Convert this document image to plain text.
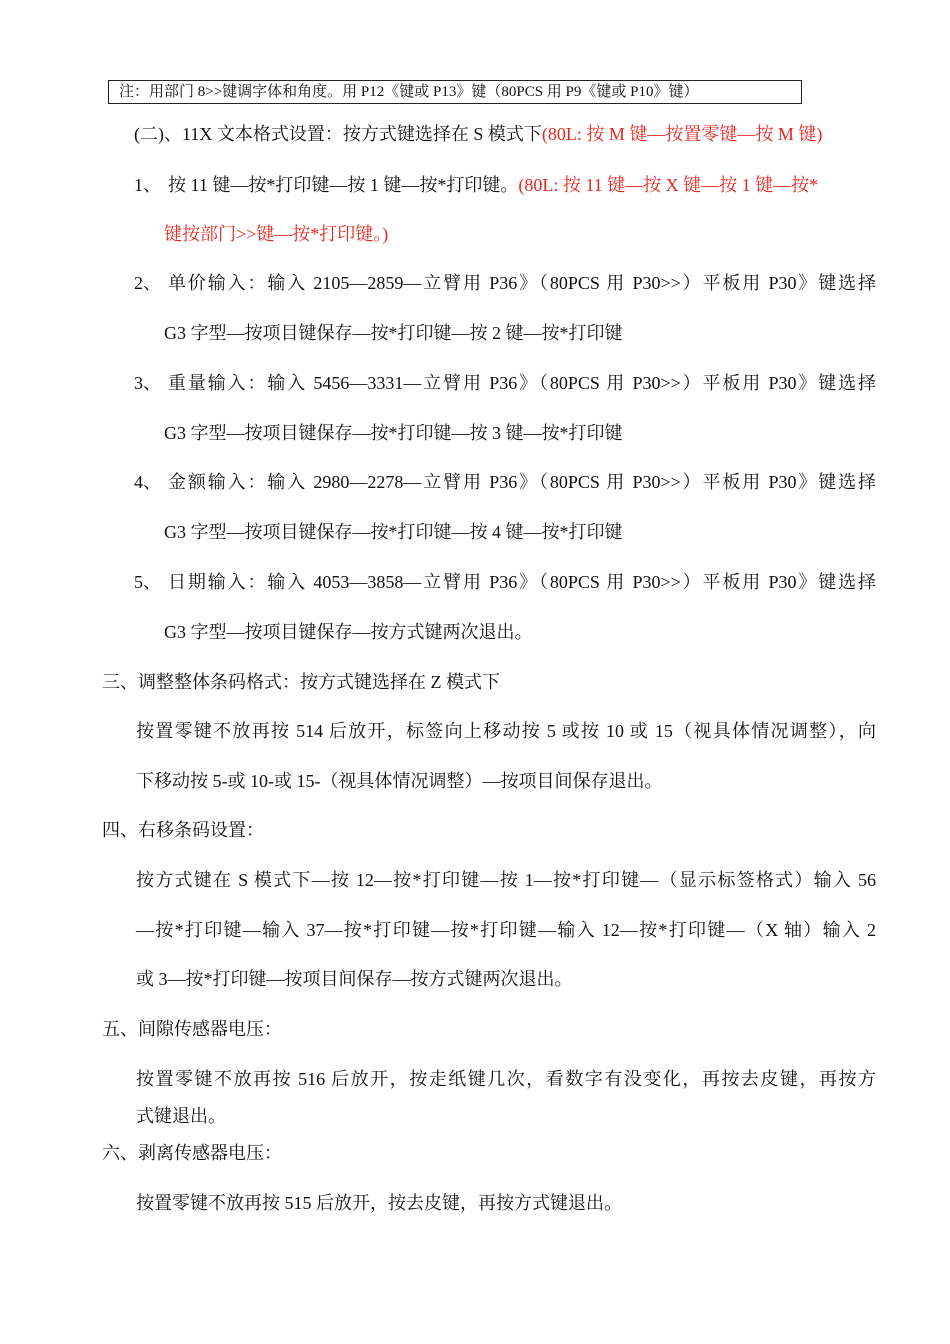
注：用部门 8>>键调字体和角度。用 P12《键或 P13》键（80PCS 用 P9《键或 P10》键）
(二)、11X 文本格式设置：按方式键选择在 S 模式下(80L: 按 M 键—按置零键—按 M 键)
1、 按 11 键—按*打印键—按 1 键—按*打印键。(80L: 按 11 键—按 X 键—按 1 键—按*
键按部门>>键—按*打印键。)
2、 单价输入：输入 2105—2859—立臂用 P36》（80PCS 用 P30>>）平板用 P30》键选择
G3 字型—按项目键保存—按*打印键—按 2 键—按*打印键
3、 重量输入：输入 5456—3331—立臂用 P36》（80PCS 用 P30>>）平板用 P30》键选择
G3 字型—按项目键保存—按*打印键—按 3 键—按*打印键
4、 金额输入：输入 2980—2278—立臂用 P36》（80PCS 用 P30>>）平板用 P30》键选择
G3 字型—按项目键保存—按*打印键—按 4 键—按*打印键
5、 日期输入：输入 4053—3858—立臂用 P36》（80PCS 用 P30>>）平板用 P30》键选择
G3 字型—按项目键保存—按方式键两次退出。
三、调整整体条码格式：按方式键选择在 Z 模式下
按置零键不放再按 514 后放开，标签向上移动按 5 或按 10 或 15（视具体情况调整），向
下移动按 5-或 10-或 15-（视具体情况调整）—按项目间保存退出。
四、右移条码设置：
按方式键在 S 模式下—按 12—按*打印键—按 1—按*打印键—（显示标签格式）输入 56
—按*打印键—输入 37—按*打印键—按*打印键—输入 12—按*打印键—（X 轴）输入 2
或 3—按*打印键—按项目间保存—按方式键两次退出。
五、间隙传感器电压：
按置零键不放再按 516 后放开，按走纸键几次，看数字有没变化，再按去皮键，再按方
式键退出。
六、剥离传感器电压：
按置零键不放再按 515 后放开，按去皮键，再按方式键退出。
